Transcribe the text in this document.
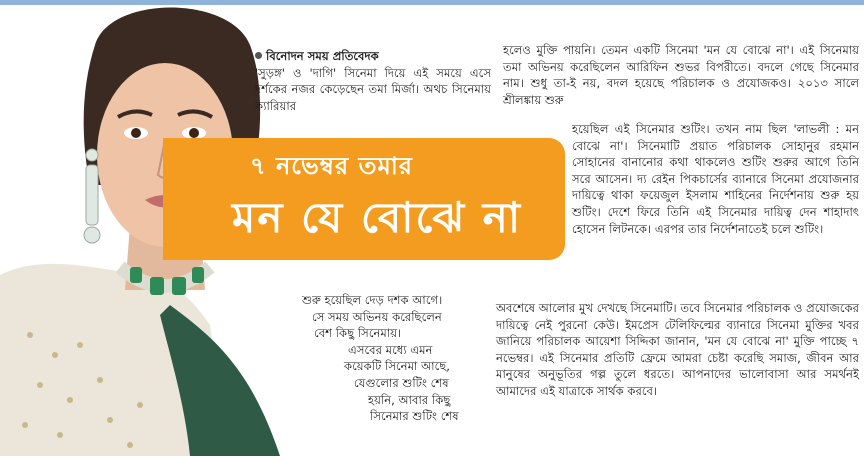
বিনোদন সময় প্রতিবেদক

'সুড়ঙ্গ' ও 'দাগি' সিনেমা দিয়ে এই সময়ে এসে দর্শকের নজর কেড়েছেন তমা মির্জা। অথচ সিনেমায় ক্যারিয়ার

হলেও মুক্তি পায়নি। তেমন একটি সিনেমা 'মন যে বোঝে না'। এই সিনেমায় তমা অভিনয় করেছিলেন আরিফিন শুভর বিপরীতে। বদলে গেছে সিনেমার নাম। শুধু তা-ই নয়, বদল হয়েছে পরিচালক ও প্রযোজকও। ২০১৩ সালে শ্রীলঙ্কায় শুরু
হয়েছিল এই সিনেমার শুটিং। তখন নাম ছিল 'লাভলী : মন বোঝে না'। সিনেমাটি প্রয়াত পরিচালক সোহানুর রহমান সোহানের বানানোর কথা থাকলেও শুটিং শুরুর আগে তিনি সরে আসেন। দ্য রেইন পিকচার্সের ব্যানারে সিনেমা প্রযোজনার দায়িত্বে থাকা ফয়েজুল ইসলাম শাহিনের নির্দেশনায় শুরু হয় শুটিং। দেশে ফিরে তিনি এই সিনেমার দায়িত্ব দেন শাহাদাৎ হোসেন লিটনকে। এরপর তার নির্দেশনাতেই চলে শুটিং।
৭ নভেম্বর তমার
মন যে বোঝে না
শুরু হয়েছিল দেড় দশক আগে।
সে সময় অভিনয় করেছিলেন
বেশ কিছু সিনেমায়।
এসবের মধ্যে এমন
কয়েকটি সিনেমা আছে,
যেগুলোর শুটিং শেষ
হয়নি, আবার কিছু
সিনেমার শুটিং শেষ
অবশেষে আলোর মুখ দেখছে সিনেমাটি। তবে সিনেমার পরিচালক ও প্রযোজকের দায়িত্বে নেই পুরনো কেউ। ইমপ্রেস টেলিফিল্মের ব্যানারে সিনেমা মুক্তির খবর জানিয়ে পরিচালক আয়েশা সিদ্দিকা জানান, 'মন যে বোঝে না' মুক্তি পাচ্ছে ৭ নভেম্বর। এই সিনেমার প্রতিটি ফ্রেমে আমরা চেষ্টা করেছি সমাজ, জীবন আর মানুষের অনুভূতির গল্প তুলে ধরতে। আপনাদের ভালোবাসা আর সমর্থনই আমাদের এই যাত্রাকে সার্থক করবে।
